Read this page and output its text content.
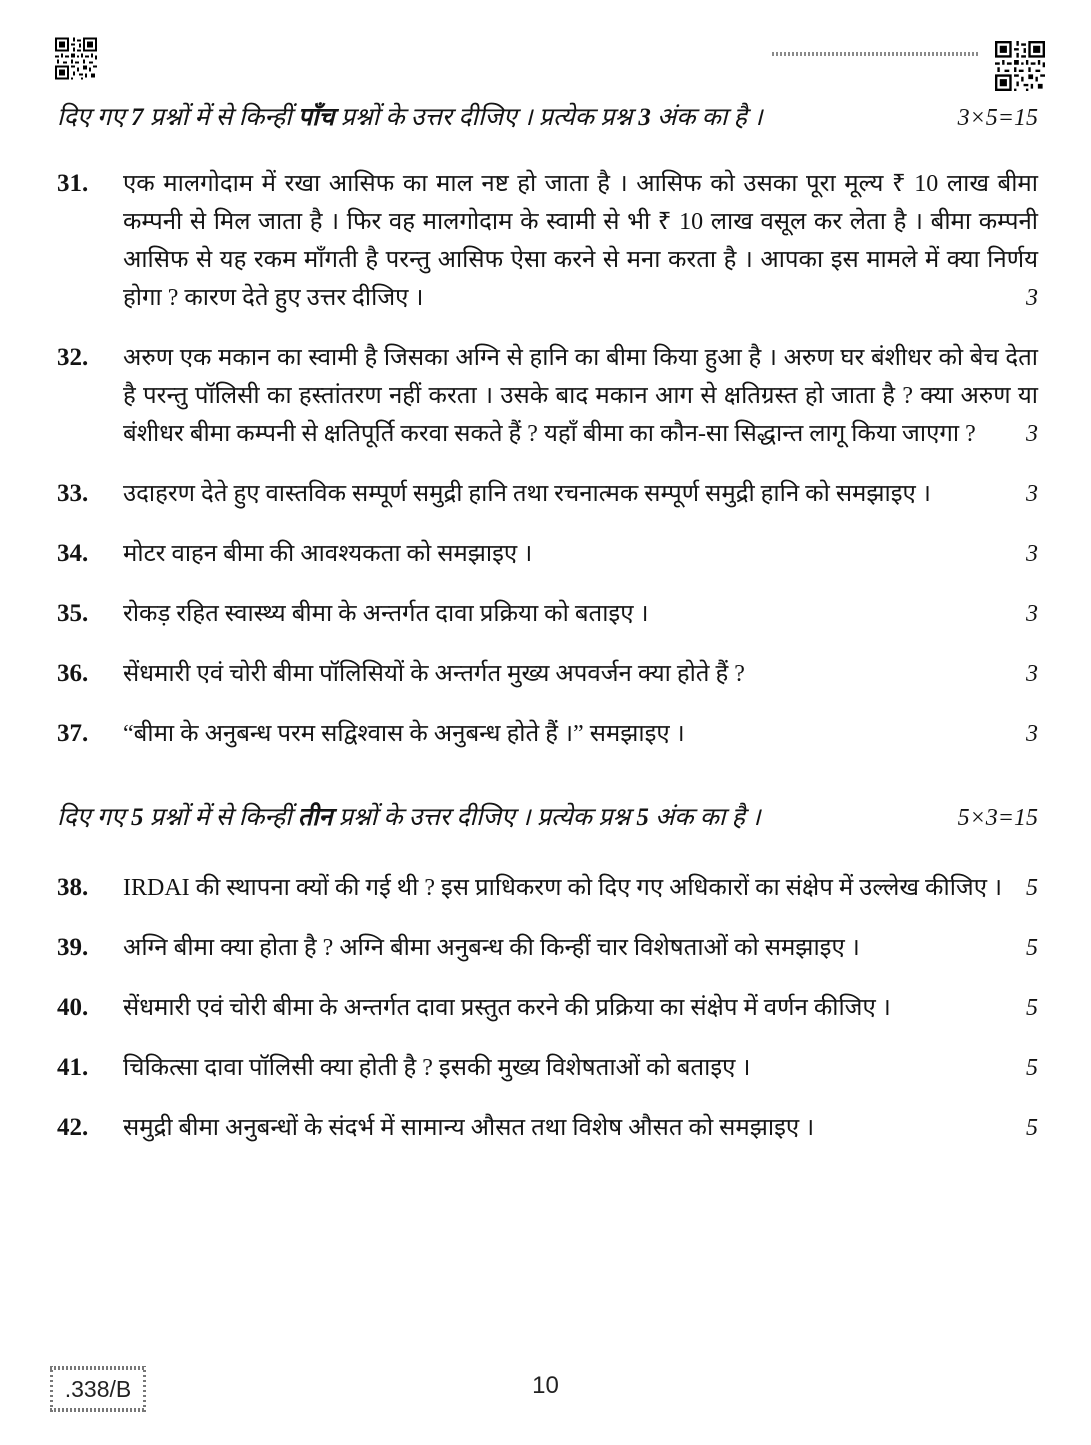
दिए गए 7 प्रश्नों में से किन्हीं पाँच प्रश्नों के उत्तर दीजिए । प्रत्येक प्रश्न 3 अंक का है ।	3×5=15
31. एक मालगोदाम में रखा आसिफ का माल नष्ट हो जाता है । आसिफ को उसका पूरा मूल्य ₹ 10 लाख बीमा कम्पनी से मिल जाता है । फिर वह मालगोदाम के स्वामी से भी ₹ 10 लाख वसूल कर लेता है । बीमा कम्पनी आसिफ से यह रकम माँगती है परन्तु आसिफ ऐसा करने से मना करता है । आपका इस मामले में क्या निर्णय होगा ? कारण देते हुए उत्तर दीजिए ।	3
32. अरुण एक मकान का स्वामी है जिसका अग्नि से हानि का बीमा किया हुआ है । अरुण घर बंशीधर को बेच देता है परन्तु पॉलिसी का हस्तांतरण नहीं करता । उसके बाद मकान आग से क्षतिग्रस्त हो जाता है ? क्या अरुण या बंशीधर बीमा कम्पनी से क्षतिपूर्ति करवा सकते हैं ? यहाँ बीमा का कौन-सा सिद्धान्त लागू किया जाएगा ?	3
33. उदाहरण देते हुए वास्तविक सम्पूर्ण समुद्री हानि तथा रचनात्मक सम्पूर्ण समुद्री हानि को समझाइए ।	3
34. मोटर वाहन बीमा की आवश्यकता को समझाइए ।	3
35. रोकड़ रहित स्वास्थ्य बीमा के अन्तर्गत दावा प्रक्रिया को बताइए ।	3
36. सेंधमारी एवं चोरी बीमा पॉलिसियों के अन्तर्गत मुख्य अपवर्जन क्या होते हैं ?	3
37. “बीमा के अनुबन्ध परम सद्विश्वास के अनुबन्ध होते हैं ।” समझाइए ।	3

दिए गए 5 प्रश्नों में से किन्हीं तीन प्रश्नों के उत्तर दीजिए । प्रत्येक प्रश्न 5 अंक का है ।	5×3=15
38. IRDAI की स्थापना क्यों की गई थी ? इस प्राधिकरण को दिए गए अधिकारों का संक्षेप में उल्लेख कीजिए । 5
39. अग्नि बीमा क्या होता है ? अग्नि बीमा अनुबन्ध की किन्हीं चार विशेषताओं को समझाइए ।	5
40. सेंधमारी एवं चोरी बीमा के अन्तर्गत दावा प्रस्तुत करने की प्रक्रिया का संक्षेप में वर्णन कीजिए ।	5
41. चिकित्सा दावा पॉलिसी क्या होती है ? इसकी मुख्य विशेषताओं को बताइए ।	5
42. समुद्री बीमा अनुबन्धों के संदर्भ में सामान्य औसत तथा विशेष औसत को समझाइए ।	5
.338/B	10
